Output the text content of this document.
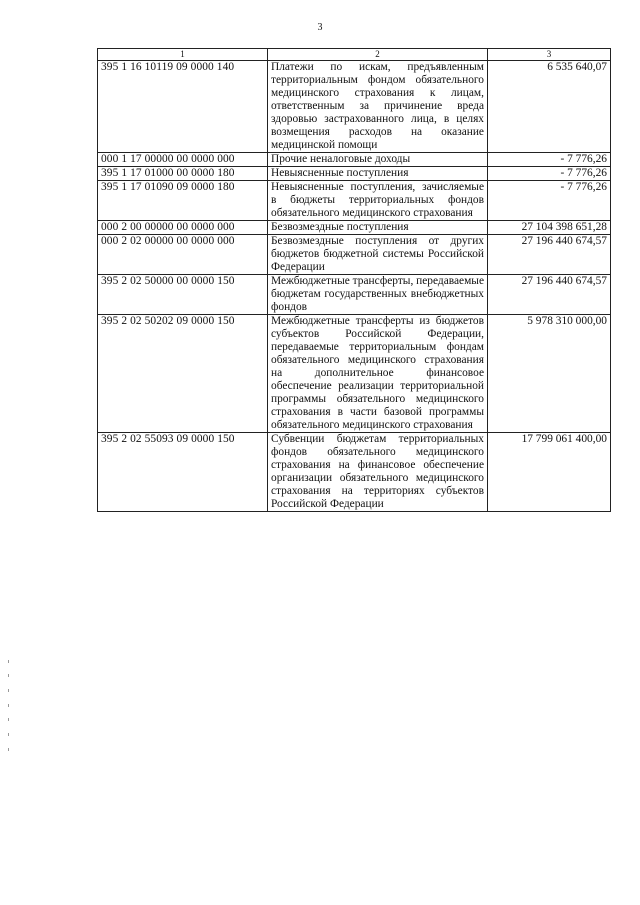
3
1	2	3
395 1 16 10119 09 0000 140	Платежи по искам, предъявленным территориальным фондом обязательного медицинского страхования к лицам, ответственным за причинение вреда здоровью застрахованного лица, в целях возмещения расходов на оказание медицинской помощи	6 535 640,07
000 1 17 00000 00 0000 000	Прочие неналоговые доходы	- 7 776,26
395 1 17 01000 00 0000 180	Невыясненные поступления	- 7 776,26
395 1 17 01090 09 0000 180	Невыясненные поступления, зачисляемые в бюджеты территориальных фондов обязательного медицинского страхования	- 7 776,26
000 2 00 00000 00 0000 000	Безвозмездные поступления	27 104 398 651,28
000 2 02 00000 00 0000 000	Безвозмездные поступления от других бюджетов бюджетной системы Российской Федерации	27 196 440 674,57
395 2 02 50000 00 0000 150	Межбюджетные трансферты, передаваемые бюджетам государственных внебюджетных фондов	27 196 440 674,57
395 2 02 50202 09 0000 150	Межбюджетные трансферты из бюджетов субъектов Российской Федерации, передаваемые территориальным фондам обязательного медицинского страхования на дополнительное финансовое обеспечение реализации территориальной программы обязательного медицинского страхования в части базовой программы обязательного медицинского страхования	5 978 310 000,00
395 2 02 55093 09 0000 150	Субвенции бюджетам территориальных фондов обязательного медицинского страхования на финансовое обеспечение организации обязательного медицинского страхования на территориях субъектов Российской Федерации	17 799 061 400,00
